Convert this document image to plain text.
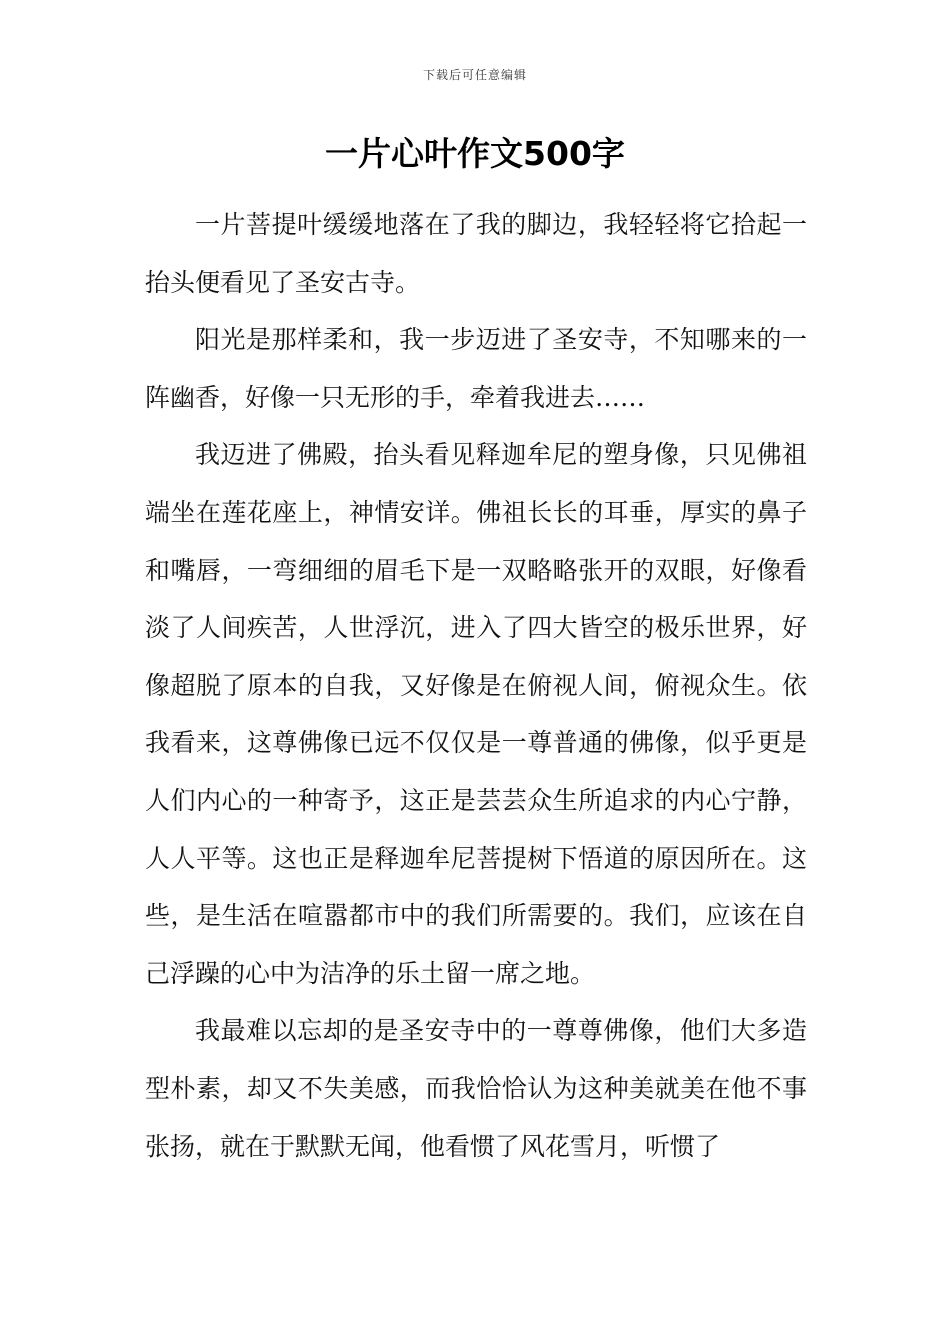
下载后可任意编辑
一片心叶作文500字

一片菩提叶缓缓地落在了我的脚边，我轻轻将它拾起一抬头便看见了圣安古寺。

阳光是那样柔和，我一步迈进了圣安寺，不知哪来的一阵幽香，好像一只无形的手，牵着我进去……

我迈进了佛殿，抬头看见释迦牟尼的塑身像，只见佛祖端坐在莲花座上，神情安详。佛祖长长的耳垂，厚实的鼻子和嘴唇，一弯细细的眉毛下是一双略略张开的双眼，好像看淡了人间疾苦，人世浮沉，进入了四大皆空的极乐世界，好像超脱了原本的自我，又好像是在俯视人间，俯视众生。依我看来，这尊佛像已远不仅仅是一尊普通的佛像，似乎更是人们内心的一种寄予，这正是芸芸众生所追求的内心宁静，人人平等。这也正是释迦牟尼菩提树下悟道的原因所在。这些，是生活在喧嚣都市中的我们所需要的。我们，应该在自己浮躁的心中为洁净的乐土留一席之地。

我最难以忘却的是圣安寺中的一尊尊佛像，他们大多造型朴素，却又不失美感，而我恰恰认为这种美就美在他不事张扬，就在于默默无闻，他看惯了风花雪月，听惯了
